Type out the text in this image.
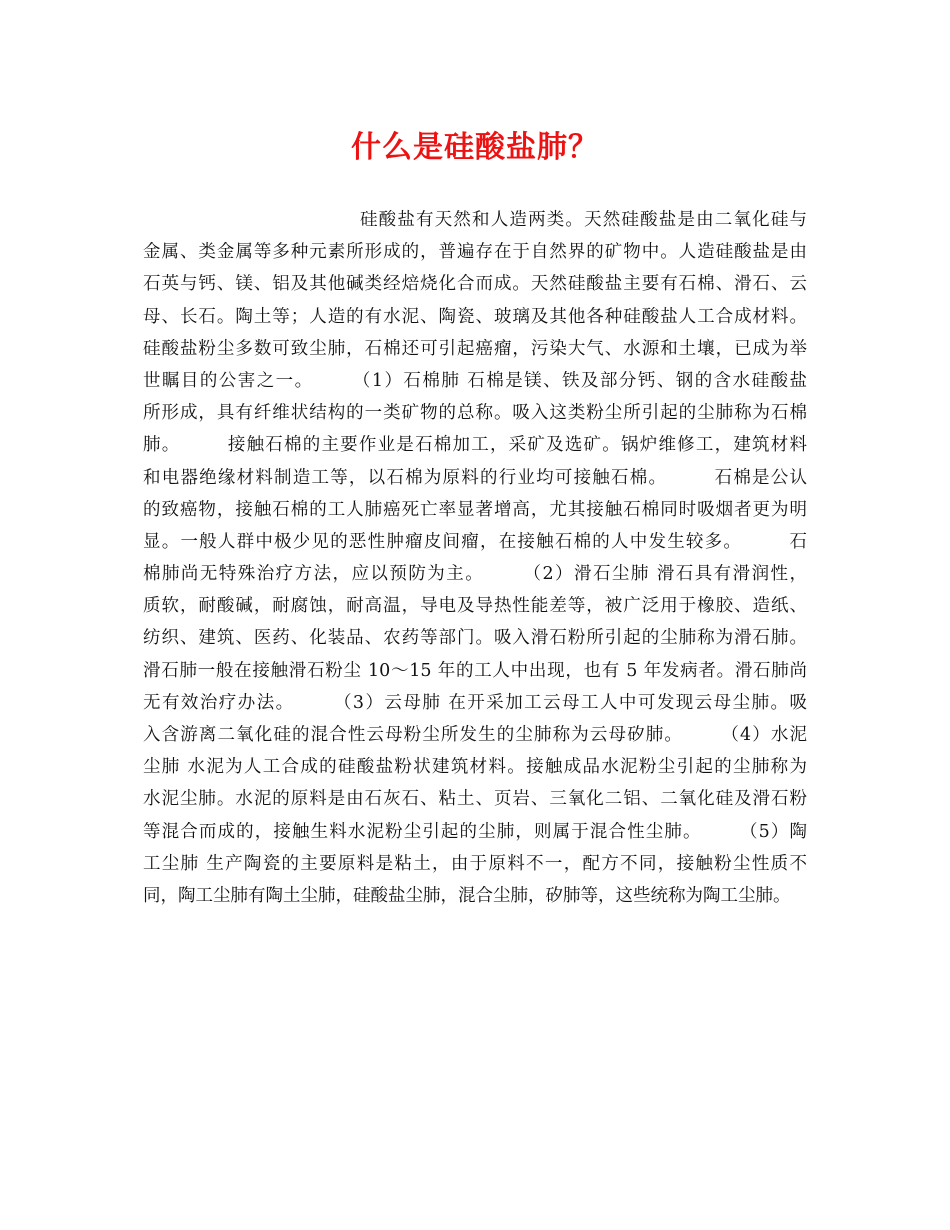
什么是硅酸盐肺？
硅酸盐有天然和人造两类。天然硅酸盐是由二氧化硅与
金属、类金属等多种元素所形成的，普遍存在于自然界的矿物中。人造硅酸盐是由
石英与钙、镁、铝及其他碱类经焙烧化合而成。天然硅酸盐主要有石棉、滑石、云
母、长石。陶土等；人造的有水泥、陶瓷、玻璃及其他各种硅酸盐人工合成材料。
硅酸盐粉尘多数可致尘肺，石棉还可引起癌瘤，污染大气、水源和土壤，已成为举
世瞩目的公害之一。　　　（1）石棉肺 石棉是镁、铁及部分钙、钢的含水硅酸盐
所形成，具有纤维状结构的一类矿物的总称。吸入这类粉尘所引起的尘肺称为石棉
肺。　　　接触石棉的主要作业是石棉加工，采矿及选矿。锅炉维修工，建筑材料
和电器绝缘材料制造工等，以石棉为原料的行业均可接触石棉。　　　石棉是公认
的致癌物，接触石棉的工人肺癌死亡率显著增高，尤其接触石棉同时吸烟者更为明
显。一般人群中极少见的恶性肿瘤皮间瘤，在接触石棉的人中发生较多。　　　石
棉肺尚无特殊治疗方法，应以预防为主。　　　（2）滑石尘肺 滑石具有滑润性，
质软，耐酸碱，耐腐蚀，耐高温，导电及导热性能差等，被广泛用于橡胶、造纸、
纺织、建筑、医药、化装品、农药等部门。吸入滑石粉所引起的尘肺称为滑石肺。
滑石肺一般在接触滑石粉尘 10～15 年的工人中出现，也有 5 年发病者。滑石肺尚
无有效治疗办法。　　　（3）云母肺 在开采加工云母工人中可发现云母尘肺。吸
入含游离二氧化硅的混合性云母粉尘所发生的尘肺称为云母矽肺。　　　（4）水泥
尘肺 水泥为人工合成的硅酸盐粉状建筑材料。接触成品水泥粉尘引起的尘肺称为
水泥尘肺。水泥的原料是由石灰石、粘土、页岩、三氧化二铝、二氧化硅及滑石粉
等混合而成的，接触生料水泥粉尘引起的尘肺，则属于混合性尘肺。　　　（5）陶
工尘肺 生产陶瓷的主要原料是粘土，由于原料不一，配方不同，接触粉尘性质不
同，陶工尘肺有陶土尘肺，硅酸盐尘肺，混合尘肺，矽肺等，这些统称为陶工尘肺。
